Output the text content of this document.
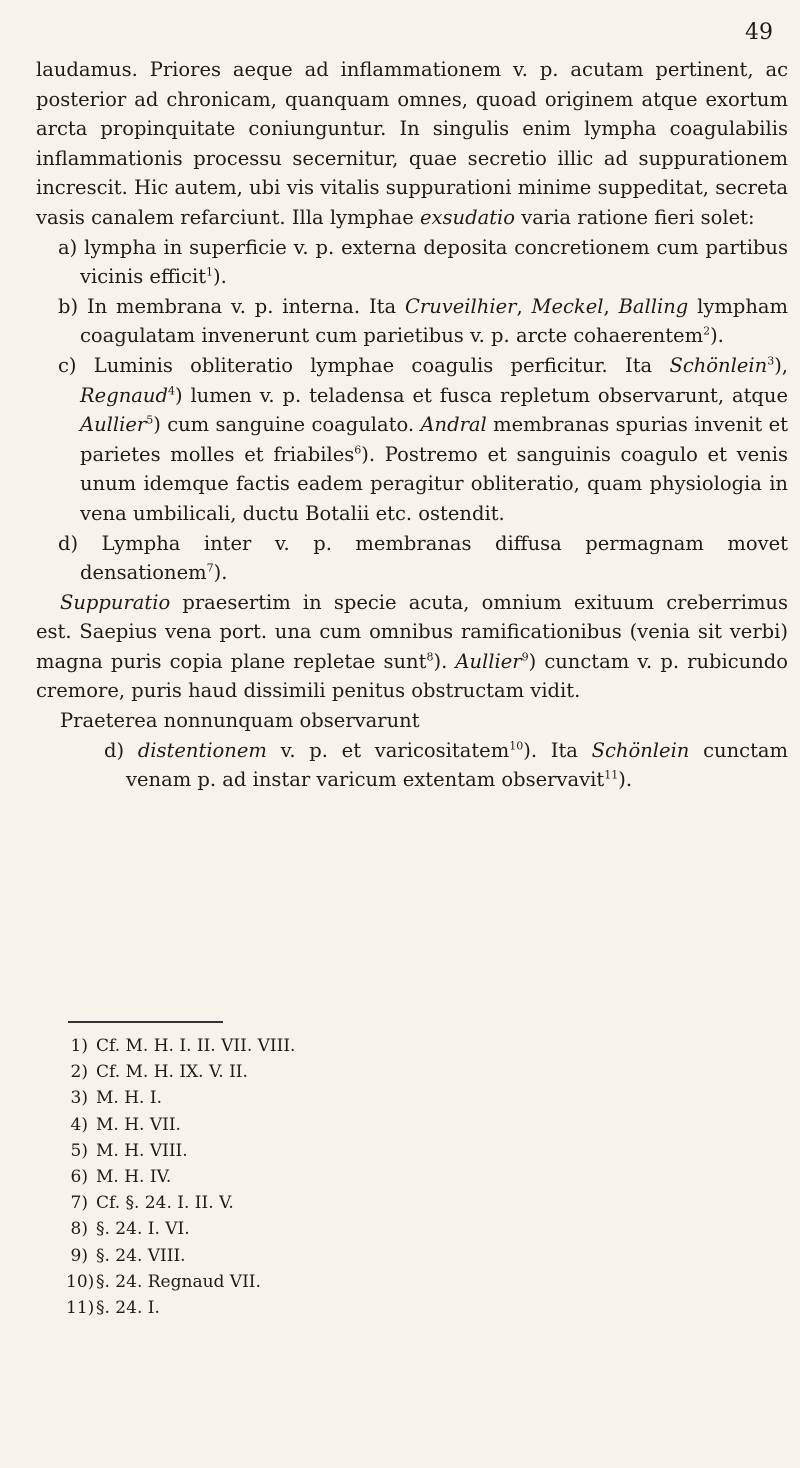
49

laudamus. Priores aeque ad inflammationem v. p. acutam pertinent, ac posterior ad chronicam, quanquam omnes, quoad originem atque exortum arcta propinquitate coniunguntur. In singulis enim lympha coagulabilis inflammationis processu secernitur, quae secretio illic ad suppurationem increscit. Hic autem, ubi vis vitalis suppurationi minime suppeditat, secreta vasis canalem refarciunt. Illa lymphae exsudatio varia ratione fieri solet:

a) lympha in superficie v. p. externa deposita concretionem cum partibus vicinis efficit$^1$).

b) In membrana v. p. interna. Ita Cruveilhier, Meckel, Balling lympham coagulatam invenerunt cum parietibus v. p. arcte cohaerentem$^2$).

c) Luminis obliteratio lymphae coagulis perficitur. Ita Schönlein$^3$), Regnaud$^4$) lumen v. p. teladensa et fusca repletum observarunt, atque Aullier$^5$) cum sanguine coagulato. Andral membranas spurias invenit et parietes molles et friabiles$^6$). Postremo et sanguinis coagulo et venis unum idemque factis eadem peragitur obliteratio, quam physiologia in vena umbilicali, ductu Botalii etc. ostendit.

d) Lympha inter v. p. membranas diffusa permagnam movet densationem$^7$).

Suppuratio praesertim in specie acuta, omnium exituum creberrimus est. Saepius vena port. una cum omnibus ramificationibus (venia sit verbi) magna puris copia plane repletae sunt$^8$). Aullier$^9$) cunctam v. p. rubicundo cremore, puris haud dissimili penitus obstructam vidit.

Praeterea nonnunquam observarunt

d) distentionem v. p. et varicositatem$^{10}$). Ita Schönlein cunctam venam p. ad instar varicum extentam observavit$^{11}$).

1) Cf. M. H. I. II. VII. VIII.
2) Cf. M. H. IX. V. II.
3) M. H. I.
4) M. H. VII.
5) M. H. VIII.
6) M. H. IV.
7) Cf. §. 24. I. II. V.
8) §. 24. I. VI.
9) §. 24. VIII.
10) §. 24. Regnaud VII.
11) §. 24. I.
